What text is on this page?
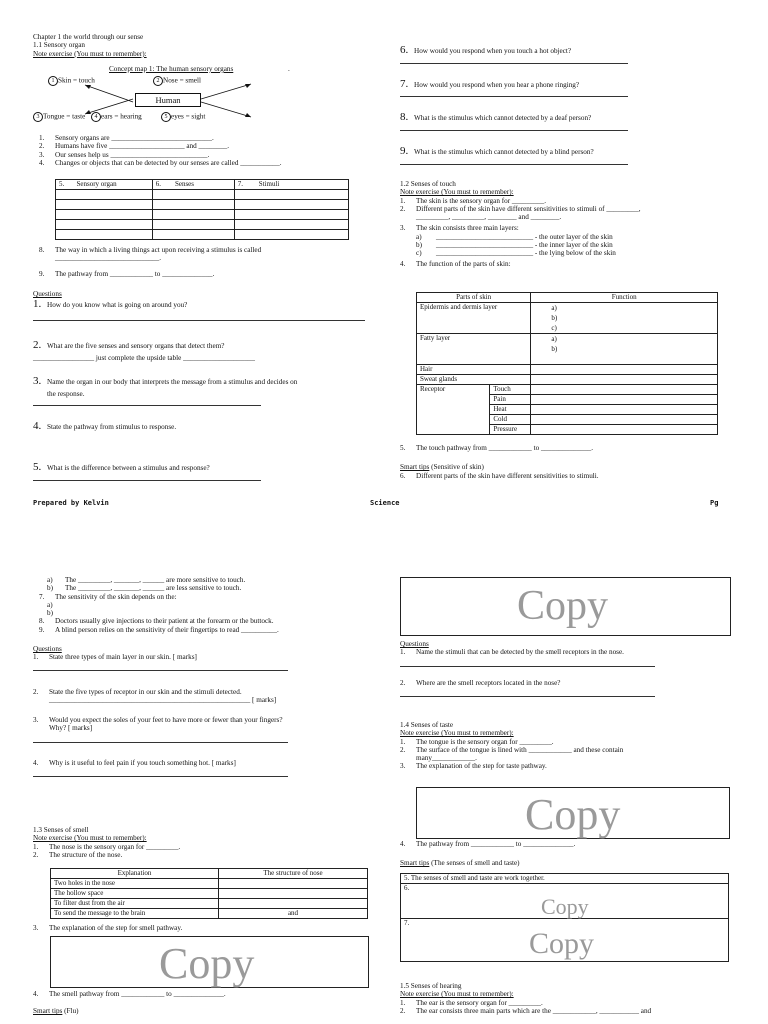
Chapter 1 the world through our sense
1.1 Sensory organ
Note exercise (You must to remember):
Concept map 1: The human sensory organs	.
1 Skin = touch	2 Nose = smell
Human
3 Tongue = taste	4 ears = hearing	5 eyes = sight
1.	Sensory organs are ____________________________.
2.	Humans have five _____________________ and ________.
3.	Our senses help us ___________________________.
4.	Changes or objects that can be detected by our senses are called ___________.
5. Sensory organ	6. Senses	7. Stimuli

8.	The way in which a living things act upon receiving a stimulus is called
_____________________________.
9.	The pathway from ____________ to ______________.
Questions
1. How do you know what is going on around you?
2. What are the five senses and sensory organs that detect them?
_________________ just complete the upside table ____________________
3. Name the organ in our body that interprets the message from a stimulus and decides on
the response.
4. State the pathway from stimulus to response.
5. What is the difference between a stimulus and response?
6. How would you respond when you touch a hot object?
7. How would you respond when you hear a phone ringing?
8. What is the stimulus which cannot detected by a deaf person?
9. What is the stimulus which cannot detected by a blind person?
1.2 Senses of touch
Note exercise (You must to remember):
1.	The skin is the sensory organ for _________.
2.	Different parts of the skin have different sensitivities to stimuli of _________,
_________, _________, ________ and ________.
3.	The skin consists three main layers:
a)	___________________________ - the outer layer of the skin
b)	___________________________ - the inner layer of the skin
c)	___________________________ - the lying below of the skin
4.	The function of the parts of skin:
Parts of skin		Function
Epidermis and dermis layer		a)
b)
c)

Fatty layer		a)
b)

Hair		
Sweat glands		
Receptor	Touch	
	Pain	
	Heat	
	Cold	
	Pressure	
5.	The touch pathway from ____________ to ______________.
Smart tips (Sensitive of skin)
6.	Different parts of the skin have different sensitivities to stimuli.
Prepared by Kelvin	Science	Pg
a)	The _________, _______, ______ are more sensitive to touch.
b)	The _________, _______, ______ are less sensitive to touch.
7.	The sensitivity of the skin depends on the:
a)
b)
8.	Doctors usually give injections to their patient at the forearm or the buttock.
9.	A blind person relies on the sensitivity of their fingertips to read __________.
Questions
1.	State three types of main layer in our skin. [ marks]
2.	State the five types of receptor in our skin and the stimuli detected.
________________________________________________________ [ marks]
3.	Would you expect the soles of your feet to have more or fewer than your fingers?
Why? [ marks]
4.	Why is it useful to feel pain if you touch something hot. [ marks]
1.3 Senses of smell
Note exercise (You must to remember):
1.	The nose is the sensory organ for _________.
2.	The structure of the nose.
Explanation	The structure of nose
Two holes in the nose	
The hollow space	
To filter dust from the air	
To send the message to the brain	and
3.	The explanation of the step for smell pathway.
Copy
4.	The smell pathway from ____________ to ______________.
Smart tips (Flu)
Copy
Questions
1.	Name the stimuli that can be detected by the smell receptors in the nose.
2.	Where are the smell receptors located in the nose?
1.4 Senses of taste
Note exercise (You must to remember):
1.	The tongue is the sensory organ for _________.
2.	The surface of the tongue is lined with ____________ and these contain
many____________.
3.	The explanation of the step for taste pathway.
Copy
4.	The pathway from ____________ to ______________.
Smart tips (The senses of smell and taste)
5. The senses of smell and taste are work together.
6.
Copy

7.
Copy
1.5 Senses of hearing
Note exercise (You must to remember):
1.	The ear is the sensory organ for _________.
2.	The ear consists three main parts which are the ____________, ___________ and
